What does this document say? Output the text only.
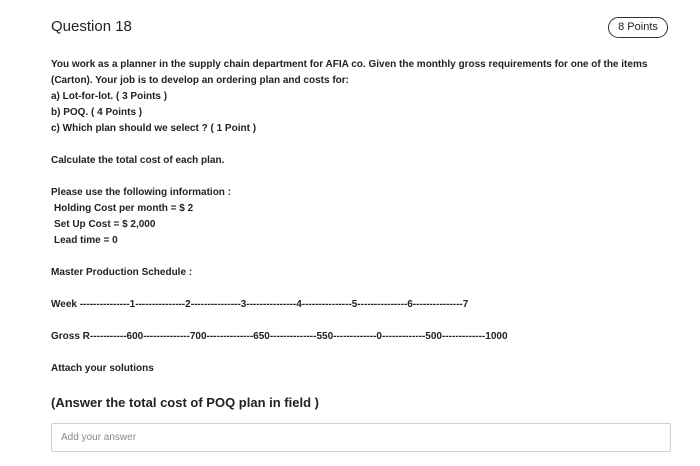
Question 18	8 Points

You work as a planner in the supply chain department for AFIA co. Given the monthly gross requirements for one of the items (Carton). Your job is to develop an ordering plan and costs for:

a) Lot-for-lot. ( 3 Points )

b) POQ. ( 4 Points )

c) Which plan should we select ? ( 1 Point )

Calculate the total cost of each plan.

Please use the following information :

Holding Cost per month = $ 2

Set Up Cost = $ 2,000

Lead time = 0

Master Production Schedule :

Week ---------------1---------------2---------------3---------------4---------------5---------------6---------------7
Gross R-----------600--------------700--------------650--------------550-------------0-------------500-------------1000
Attach your solutions
(Answer the total cost of POQ plan in field )
Add your answer
